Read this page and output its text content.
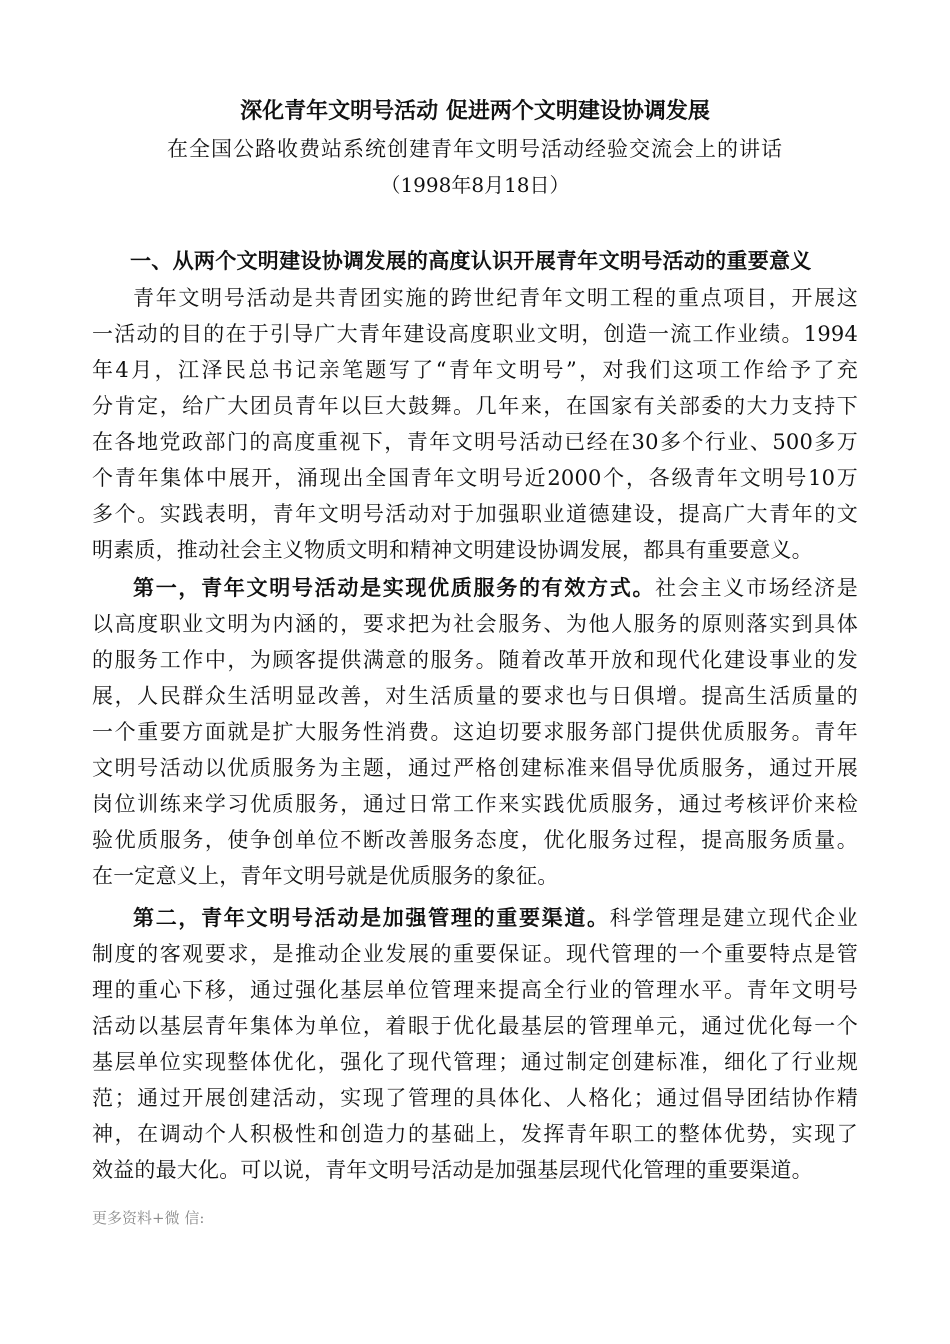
深化青年文明号活动 促进两个文明建设协调发展
在全国公路收费站系统创建青年文明号活动经验交流会上的讲话
（1998年8月18日）
一、从两个文明建设协调发展的高度认识开展青年文明号活动的重要意义
青年文明号活动是共青团实施的跨世纪青年文明工程的重点项目，开展这
一活动的目的在于引导广大青年建设高度职业文明，创造一流工作业绩。1994
年4月，江泽民总书记亲笔题写了“青年文明号”，对我们这项工作给予了充
分肯定，给广大团员青年以巨大鼓舞。几年来，在国家有关部委的大力支持下
在各地党政部门的高度重视下，青年文明号活动已经在30多个行业、500多万
个青年集体中展开，涌现出全国青年文明号近2000个，各级青年文明号10万
多个。实践表明，青年文明号活动对于加强职业道德建设，提高广大青年的文
明素质，推动社会主义物质文明和精神文明建设协调发展，都具有重要意义。
第一，青年文明号活动是实现优质服务的有效方式。社会主义市场经济是
以高度职业文明为内涵的，要求把为社会服务、为他人服务的原则落实到具体
的服务工作中，为顾客提供满意的服务。随着改革开放和现代化建设事业的发
展，人民群众生活明显改善，对生活质量的要求也与日俱增。提高生活质量的
一个重要方面就是扩大服务性消费。这迫切要求服务部门提供优质服务。青年
文明号活动以优质服务为主题，通过严格创建标准来倡导优质服务，通过开展
岗位训练来学习优质服务，通过日常工作来实践优质服务，通过考核评价来检
验优质服务，使争创单位不断改善服务态度，优化服务过程，提高服务质量。
在一定意义上，青年文明号就是优质服务的象征。
第二，青年文明号活动是加强管理的重要渠道。科学管理是建立现代企业
制度的客观要求，是推动企业发展的重要保证。现代管理的一个重要特点是管
理的重心下移，通过强化基层单位管理来提高全行业的管理水平。青年文明号
活动以基层青年集体为单位，着眼于优化最基层的管理单元，通过优化每一个
基层单位实现整体优化，强化了现代管理；通过制定创建标准，细化了行业规
范；通过开展创建活动，实现了管理的具体化、人格化；通过倡导团结协作精
神，在调动个人积极性和创造力的基础上，发挥青年职工的整体优势，实现了
效益的最大化。可以说，青年文明号活动是加强基层现代化管理的重要渠道。
更多资料+微 信:
